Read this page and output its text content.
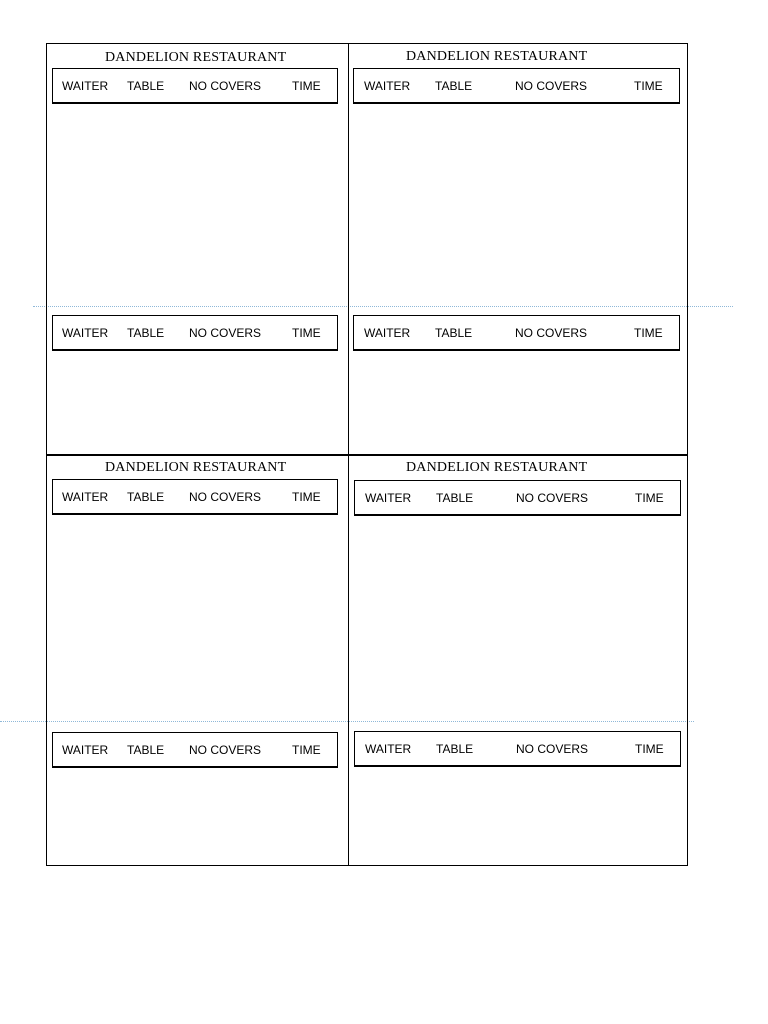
DANDELION RESTAURANT
WAITER TABLE NO COVERS	TIME
WAITER TABLE NO COVERS	TIME
DANDELION RESTAURANT
WAITER TABLE	NO COVERS	TIME
WAITER TABLE	NO COVERS	TIME
DANDELION RESTAURANT
WAITER TABLE NO COVERS	TIME
WAITER TABLE NO COVERS	TIME
DANDELION RESTAURANT
WAITER TABLE	NO COVERS	TIME
WAITER TABLE	NO COVERS	TIME
